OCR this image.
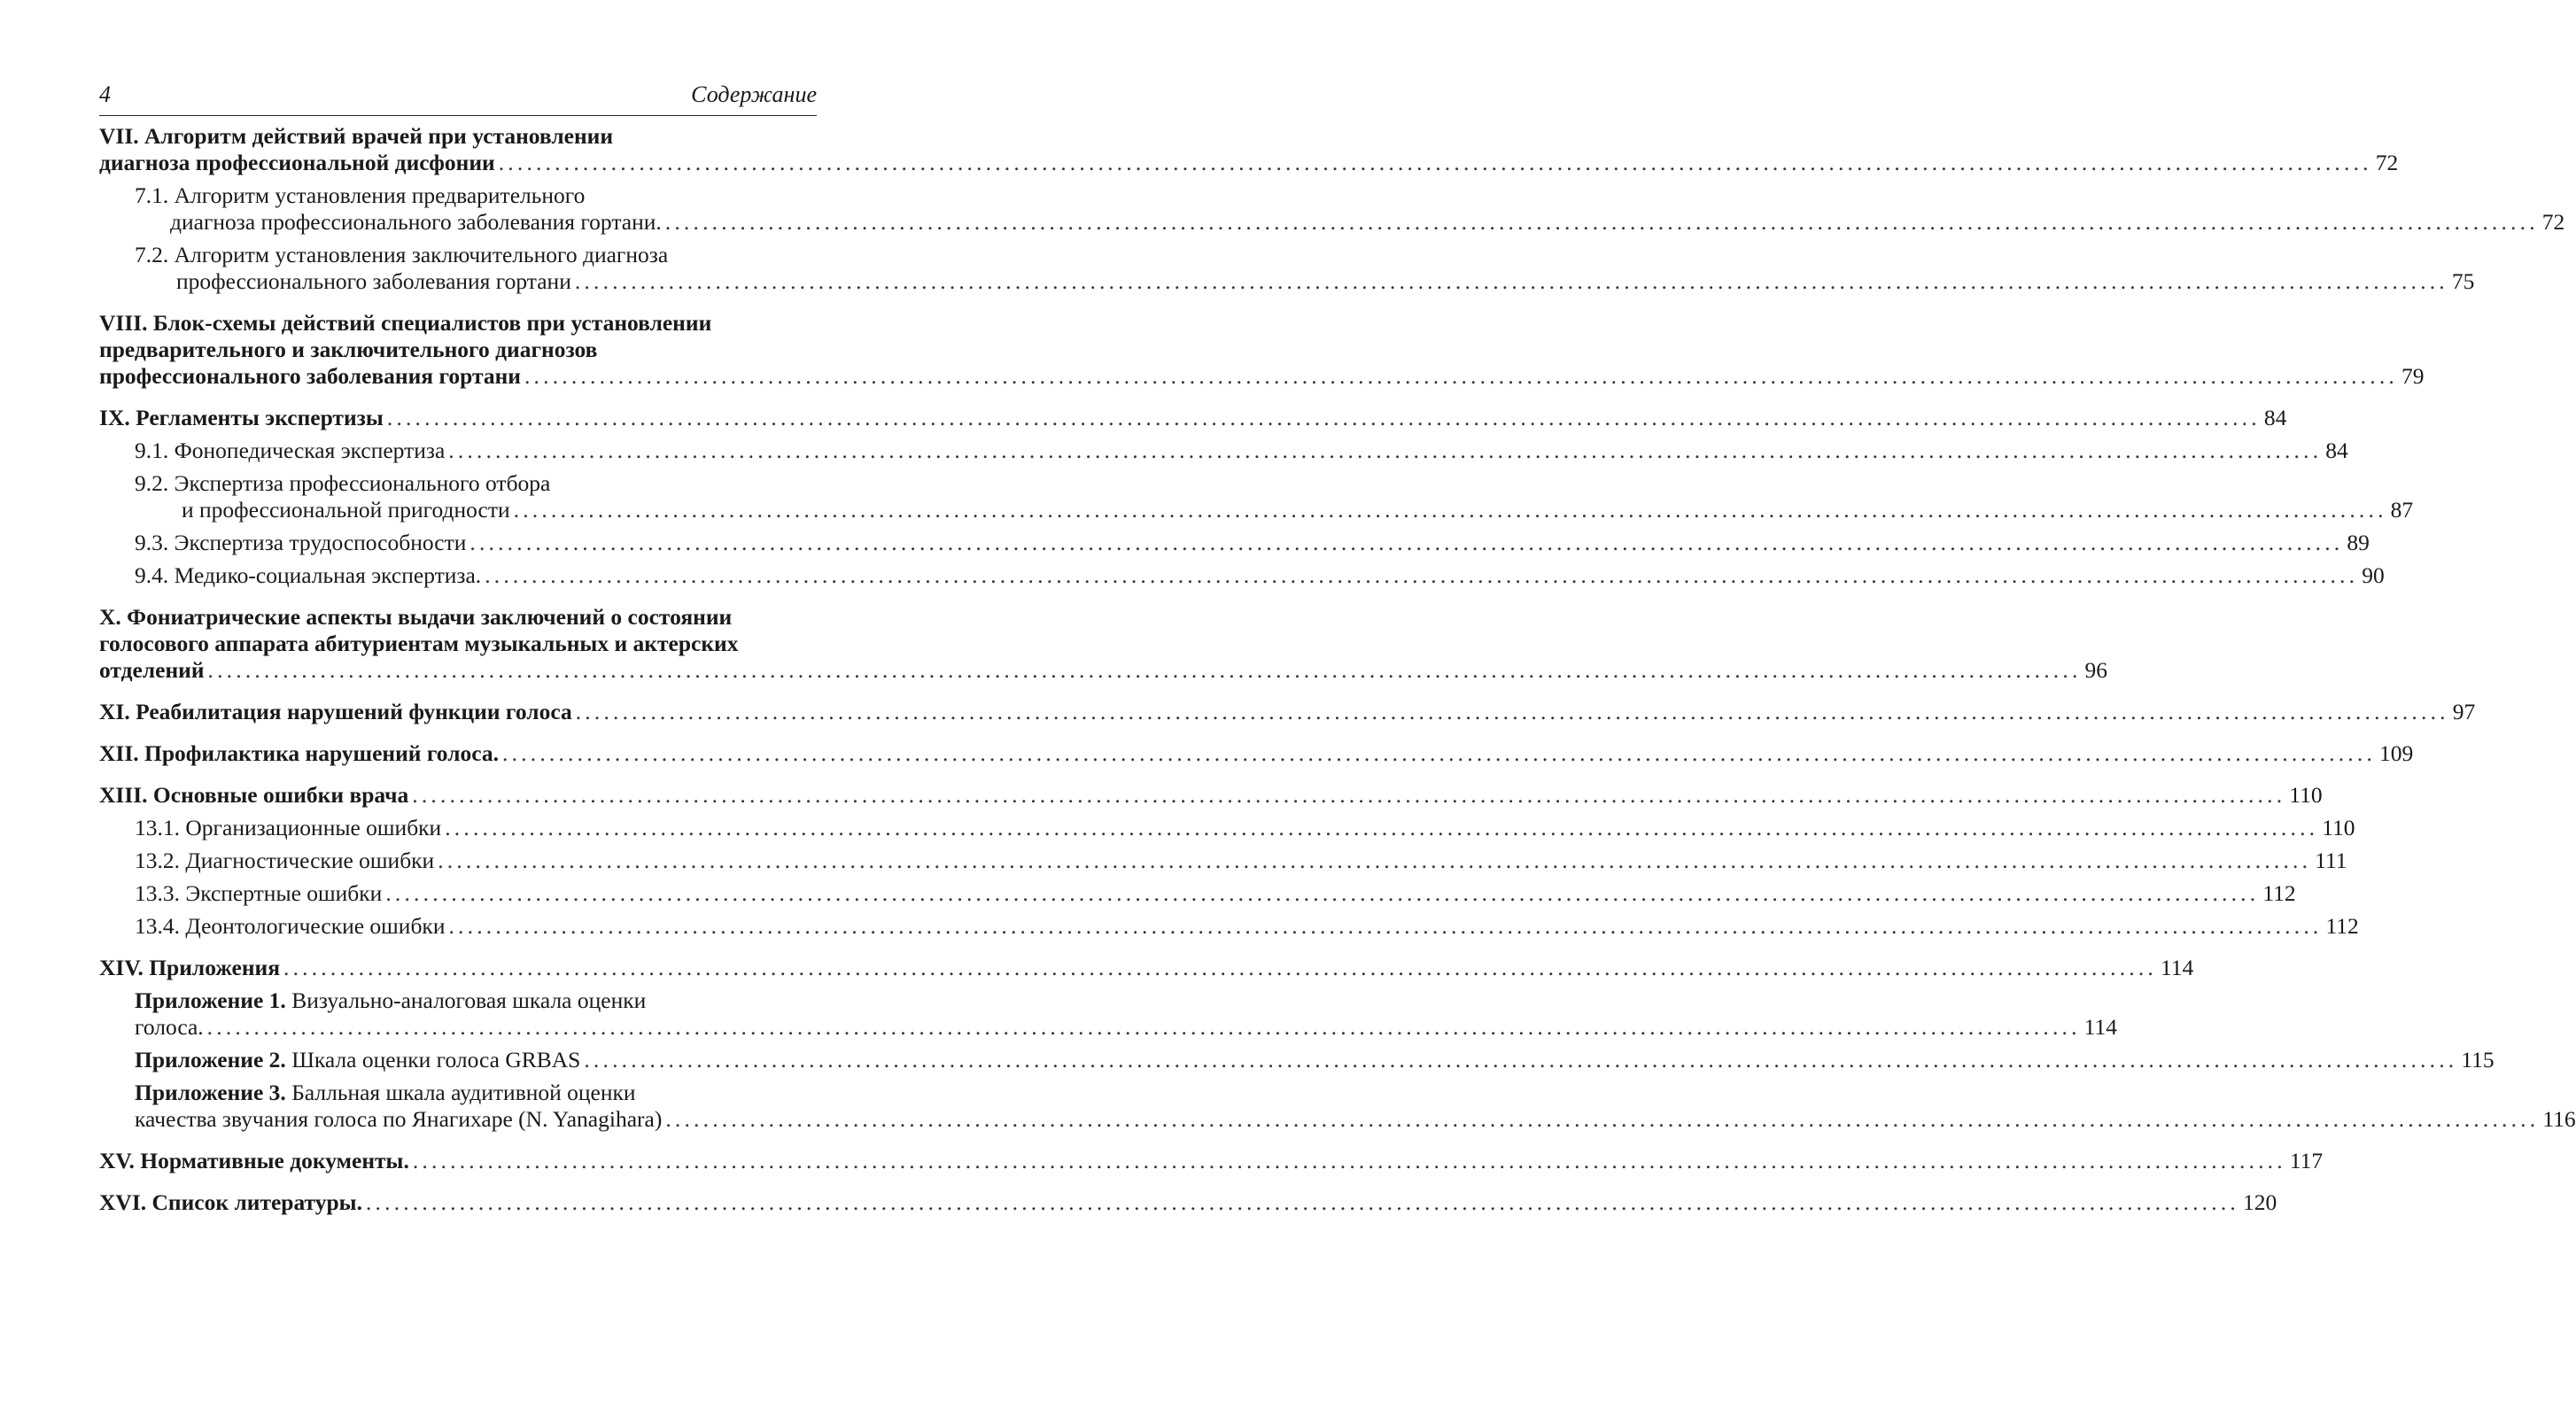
4	Содержание
VII. Алгоритм действий врачей при установлении
диагноза профессиональной дисфонии ........................................................................................................................................................................................................ 72
7.1. Алгоритм установления предварительного
диагноза профессионального заболевания гортани. ........................................................................................................................................................................................................ 72
7.2. Алгоритм установления заключительного диагноза
профессионального заболевания гортани ........................................................................................................................................................................................................ 75
VIII. Блок-схемы действий специалистов при установлении
предварительного и заключительного диагнозов
профессионального заболевания гортани ........................................................................................................................................................................................................ 79
IX. Регламенты экспертизы ........................................................................................................................................................................................................ 84
9.1. Фонопедическая экспертиза ........................................................................................................................................................................................................ 84
9.2. Экспертиза профессионального отбора
и профессиональной пригодности ........................................................................................................................................................................................................ 87
9.3. Экспертиза трудоспособности ........................................................................................................................................................................................................ 89
9.4. Медико-социальная экспертиза. ........................................................................................................................................................................................................ 90
X. Фониатрические аспекты выдачи заключений о состоянии
голосового аппарата абитуриентам музыкальных и актерских
отделений ........................................................................................................................................................................................................ 96
XI. Реабилитация нарушений функции голоса ........................................................................................................................................................................................................ 97
XII. Профилактика нарушений голоса. ........................................................................................................................................................................................................ 109
XIII. Основные ошибки врача ........................................................................................................................................................................................................ 110
13.1. Организационные ошибки ........................................................................................................................................................................................................ 110
13.2. Диагностические ошибки ........................................................................................................................................................................................................ 111
13.3. Экспертные ошибки ........................................................................................................................................................................................................ 112
13.4. Деонтологические ошибки ........................................................................................................................................................................................................ 112
XIV. Приложения ........................................................................................................................................................................................................ 114
Приложение 1. Визуально-аналоговая шкала оценки
голоса. ........................................................................................................................................................................................................ 114
Приложение 2. Шкала оценки голоса GRBAS ........................................................................................................................................................................................................ 115
Приложение 3. Балльная шкала аудитивной оценки
качества звучания голоса по Янагихаре (N. Yanagihara) ........................................................................................................................................................................................................ 116
XV. Нормативные документы. ........................................................................................................................................................................................................ 117
XVI. Список литературы. ........................................................................................................................................................................................................ 120
